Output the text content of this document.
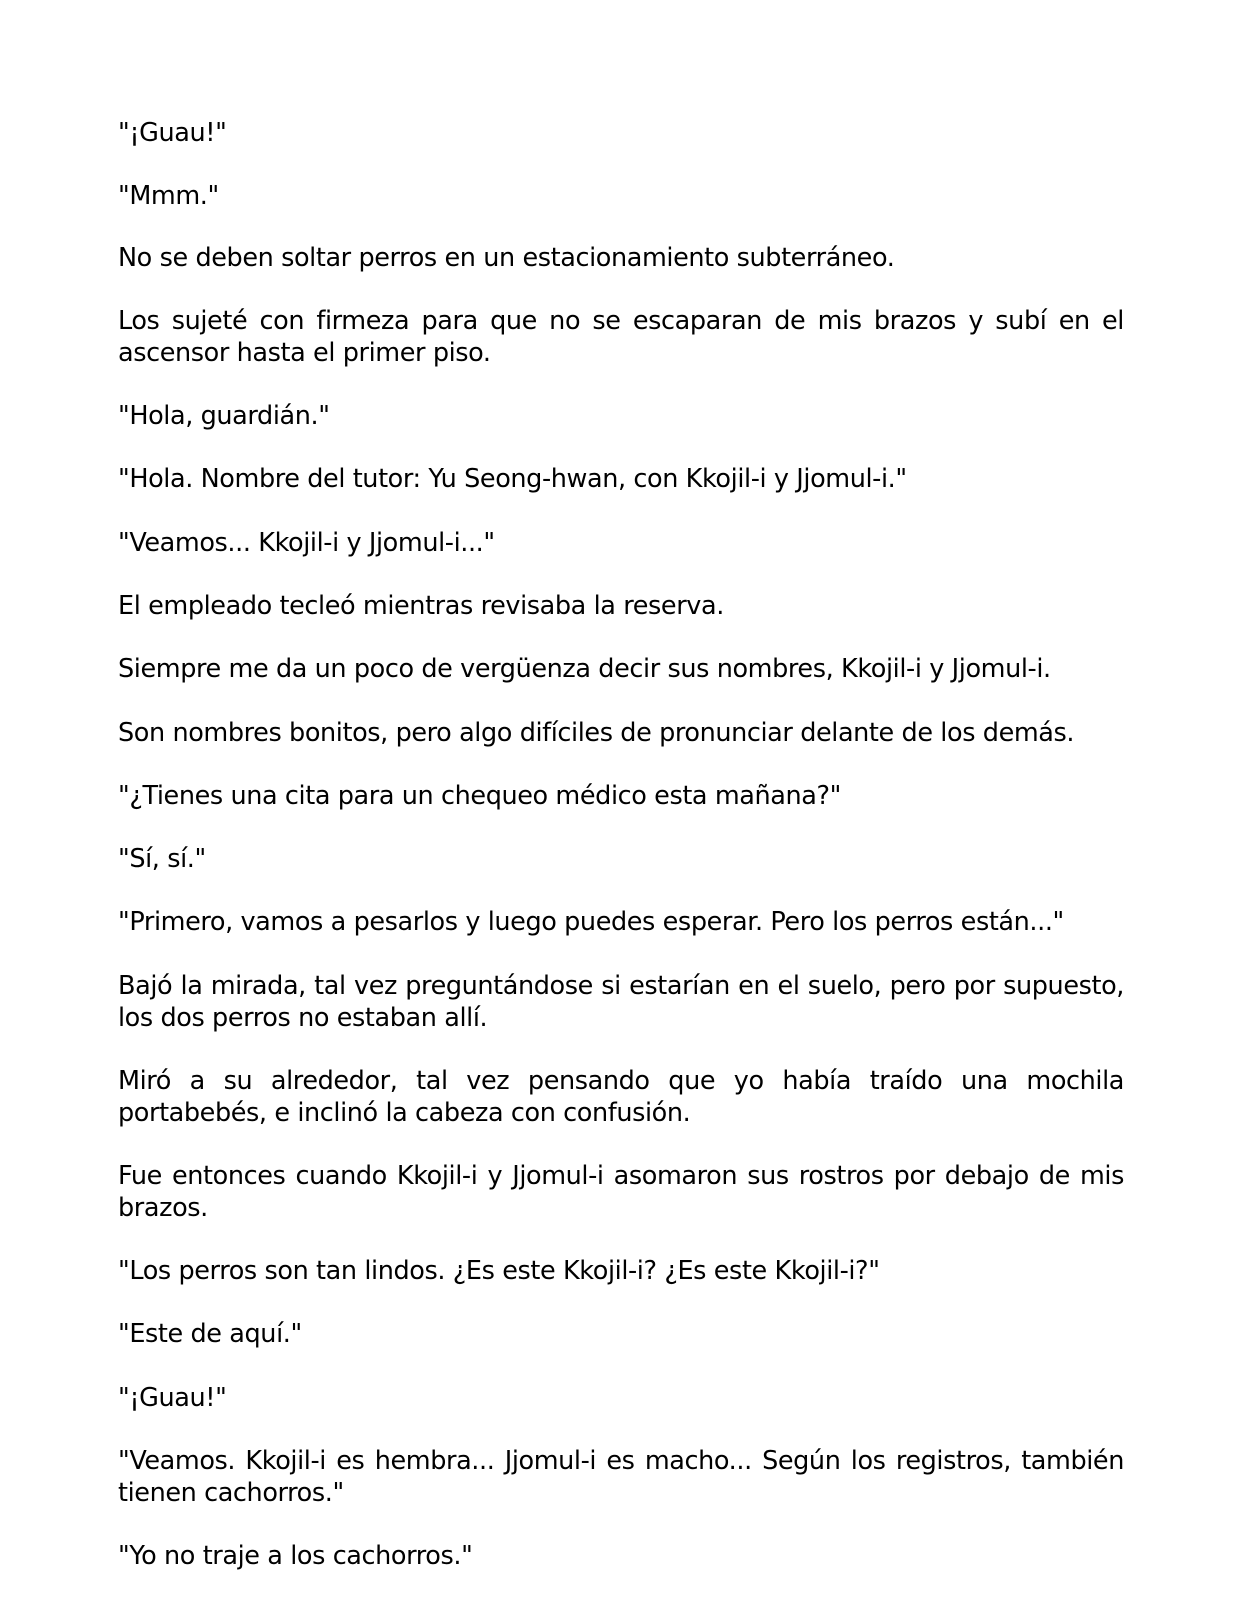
"¡Guau!"

"Mmm."

No se deben soltar perros en un estacionamiento subterráneo.

Los sujeté con firmeza para que no se escaparan de mis brazos y subí en el ascensor hasta el primer piso.

"Hola, guardián."

"Hola. Nombre del tutor: Yu Seong-hwan, con Kkojil-i y Jjomul-i."

"Veamos... Kkojil-i y Jjomul-i..."

El empleado tecleó mientras revisaba la reserva.

Siempre me da un poco de vergüenza decir sus nombres, Kkojil-i y Jjomul-i.

Son nombres bonitos, pero algo difíciles de pronunciar delante de los demás.

"¿Tienes una cita para un chequeo médico esta mañana?"

"Sí, sí."

"Primero, vamos a pesarlos y luego puedes esperar. Pero los perros están..."

Bajó la mirada, tal vez preguntándose si estarían en el suelo, pero por supuesto, los dos perros no estaban allí.

Miró a su alrededor, tal vez pensando que yo había traído una mochila portabebés, e inclinó la cabeza con confusión.

Fue entonces cuando Kkojil-i y Jjomul-i asomaron sus rostros por debajo de mis brazos.

"Los perros son tan lindos. ¿Es este Kkojil-i? ¿Es este Kkojil-i?"

"Este de aquí."

"¡Guau!"

"Veamos. Kkojil-i es hembra... Jjomul-i es macho... Según los registros, también tienen cachorros."

"Yo no traje a los cachorros."
